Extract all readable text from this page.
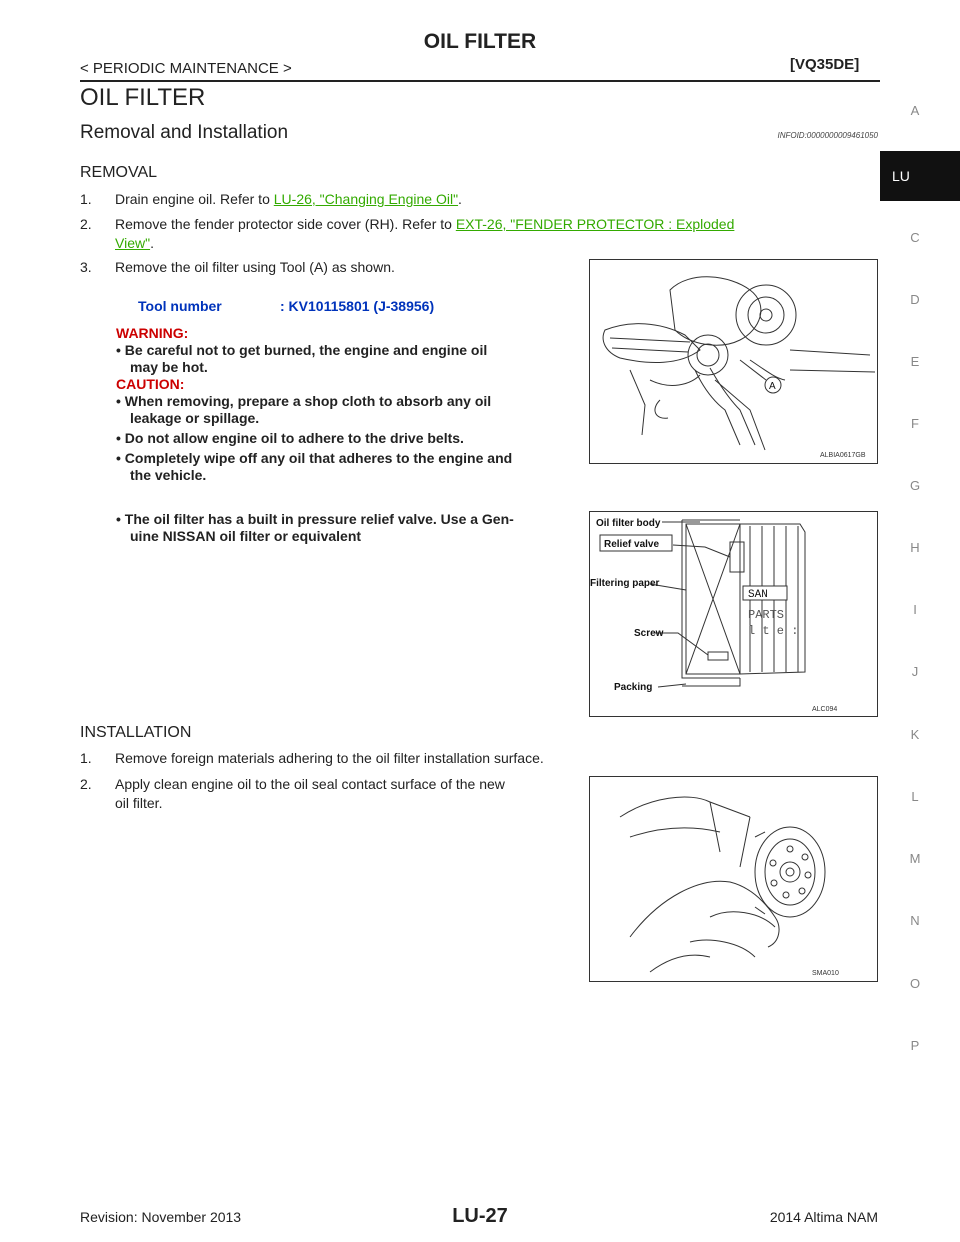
OIL FILTER
< PERIODIC MAINTENANCE >	[VQ35DE]
OIL FILTER
Removal and Installation	INFOID:0000000009461050
REMOVAL
1. Drain engine oil. Refer to LU-26, "Changing Engine Oil".
2. Remove the fender protector side cover (RH). Refer to EXT-26, "FENDER PROTECTOR : Exploded
View".
3. Remove the oil filter using Tool (A) as shown.
Tool number	: KV10115801 (J-38956)
WARNING:
• Be careful not to get burned, the engine and engine oil
may be hot.
CAUTION:
• When removing, prepare a shop cloth to absorb any oil
leakage or spillage.
• Do not allow engine oil to adhere to the drive belts.
• Completely wipe off any oil that adheres to the engine and
the vehicle.
• The oil filter has a built in pressure relief valve. Use a Gen-
uine NISSAN oil filter or equivalent
A
ALBIA0617GB
SAN
PARTS
l t e :
Oil filter body
Relief valve
Filtering paper
Screw
Packing
ALC094
INSTALLATION
1. Remove foreign materials adhering to the oil filter installation surface.
2. Apply clean engine oil to the oil seal contact surface of the new
oil filter.
SMA010
A
LU
C
D
E
F
G
H
I
J
K
L
M
N
O
P
Revision: November 2013	LU-27	2014 Altima NAM
